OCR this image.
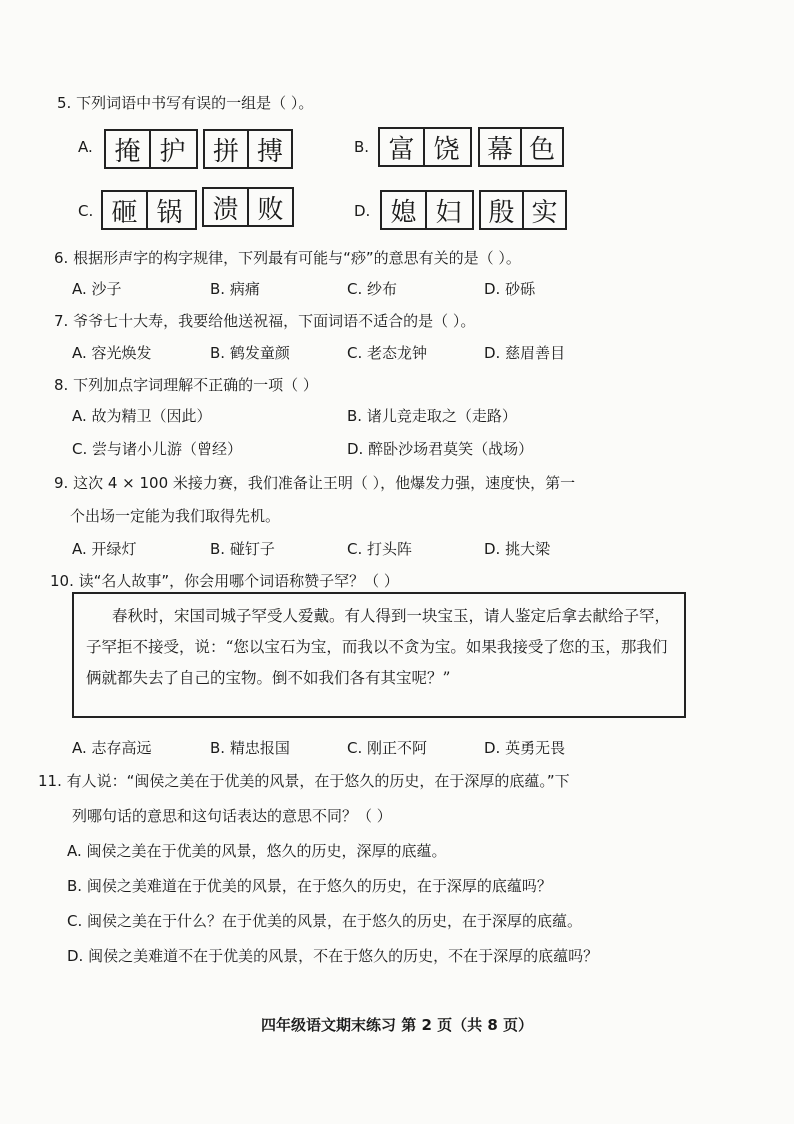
5. 下列词语中书写有误的一组是（ ）。
A. 掩 护	拼 搏	B. 富 饶	幕 色
C. 砸 锅	溃 败	D. 媳 妇	殷 实
6. 根据形声字的构字规律，下列最有可能与“痧”的意思有关的是（ ）。
A. 沙子	B. 病痛	C. 纱布	D. 砂砾
7. 爷爷七十大寿，我要给他送祝福，下面词语不适合的是（ ）。
A. 容光焕发	B. 鹤发童颜	C. 老态龙钟	D. 慈眉善目
8. 下列加点字词理解不正确的一项（ ）
A. 故为精卫（因此）	B. 诸儿竞走取之（走路）
C. 尝与诸小儿游（曾经）	D. 醉卧沙场君莫笑（战场）
9. 这次 4 × 100 米接力赛，我们准备让王明（ ），他爆发力强，速度快，第一
个出场一定能为我们取得先机。
A. 开绿灯	B. 碰钉子	C. 打头阵	D. 挑大梁
10. 读“名人故事”，你会用哪个词语称赞子罕？（ ）
春秋时，宋国司城子罕受人爱戴。有人得到一块宝玉，请人鉴定后拿去献给子罕，子罕拒不接受，说：“您以宝石为宝，而我以不贪为宝。如果我接受了您的玉，那我们俩就都失去了自己的宝物。倒不如我们各有其宝呢？”
A. 志存高远	B. 精忠报国	C. 刚正不阿	D. 英勇无畏
11. 有人说：“闽侯之美在于优美的风景，在于悠久的历史，在于深厚的底蕴。”下
列哪句话的意思和这句话表达的意思不同？（ ）
A. 闽侯之美在于优美的风景，悠久的历史，深厚的底蕴。
B. 闽侯之美难道在于优美的风景，在于悠久的历史，在于深厚的底蕴吗？
C. 闽侯之美在于什么？在于优美的风景，在于悠久的历史，在于深厚的底蕴。
D. 闽侯之美难道不在于优美的风景，不在于悠久的历史，不在于深厚的底蕴吗？
四年级语文期末练习 第 2 页（共 8 页）
